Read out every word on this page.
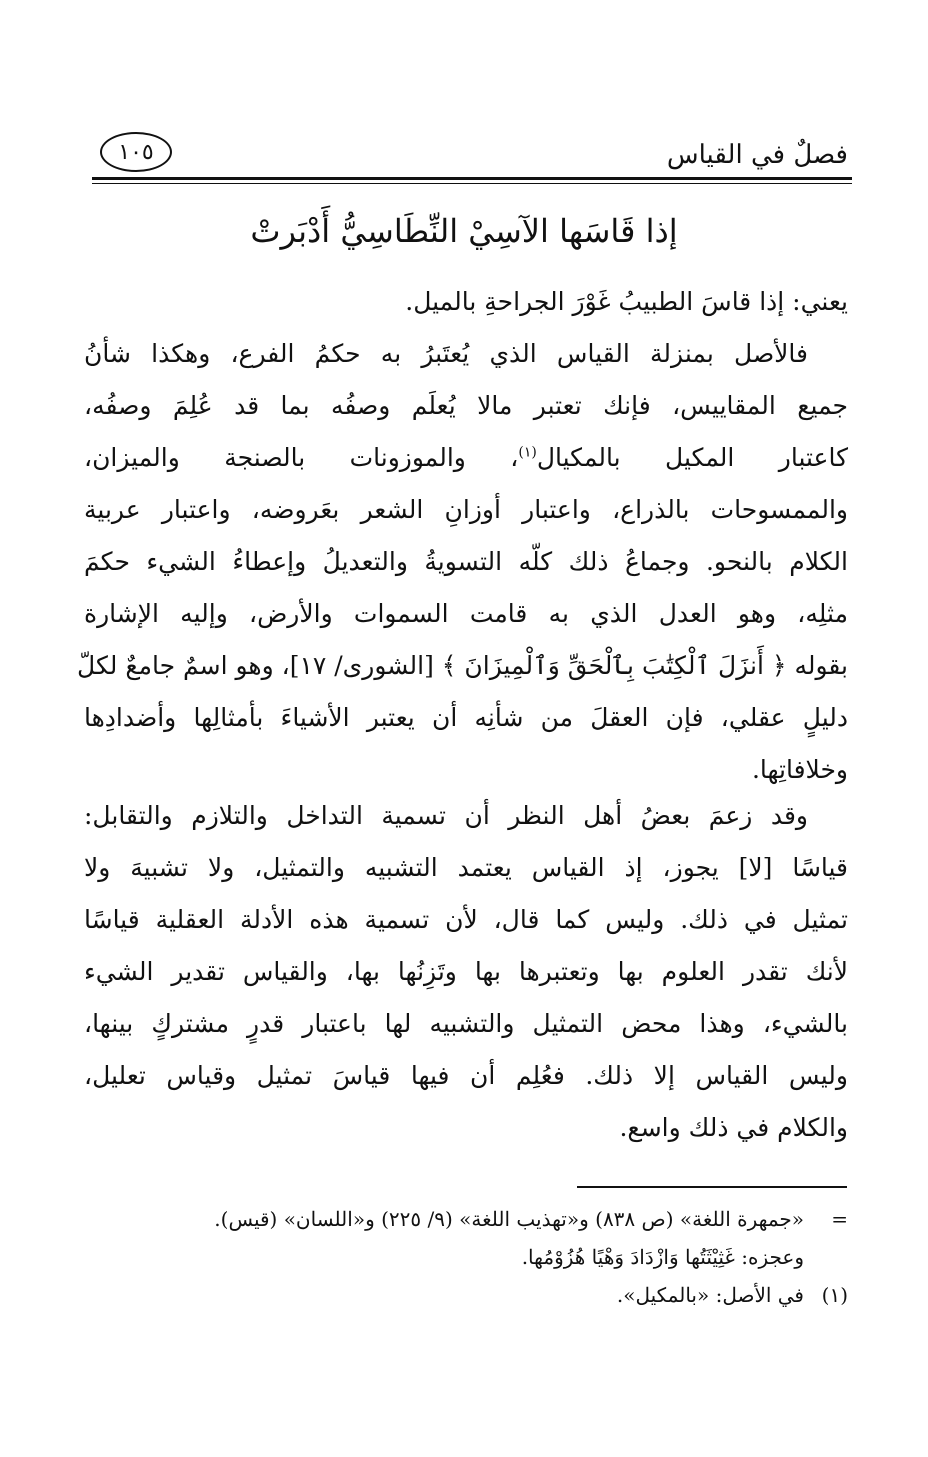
فصلٌ في القياس
١٠٥
إذا قَاسَها الآسِيْ النِّطَاسِيُّ أَدْبَرتْ
يعني: إذا قاسَ الطبيبُ غَوْرَ الجراحةِ بالميل.
فالأصل بمنزلة القياس الذي يُعتَبرُ به حكمُ الفرع، وهكذا شأنُ
جميع المقاييس، فإنك تعتبر مالا يُعلَم وصفُه بما قد عُلِمَ وصفُه،
كاعتبار المكيل بالمكيال$^{(١)}$، والموزونات بالصنجة والميزان،
والممسوحات بالذراع، واعتبار أوزانِ الشعر بعَروضه، واعتبار عربية
الكلام بالنحو. وجماعُ ذلك كلّه التسويةُ والتعديلُ وإعطاءُ الشيء حكمَ
مثلِه، وهو العدل الذي به قامت السموات والأرض، وإليه الإشارة
بقوله ﴿ أَنزَلَ ٱلْكِتَٰبَ بِٱلْحَقِّ وَٱلْمِيزَانَ ﴾ [الشورى/ ١٧]، وهو اسمٌ جامعٌ لكلّ
دليلٍ عقلي، فإن العقلَ من شأنِه أن يعتبر الأشياءَ بأمثالِها وأضدادِها
وخلافاتِها.
وقد زعمَ بعضُ أهل النظر أن تسمية التداخل والتلازم والتقابل:
قياسًا [لا] يجوز، إذ القياس يعتمد التشبيه والتمثيل، ولا تشبيهَ ولا
تمثيل في ذلك. وليس كما قال، لأن تسمية هذه الأدلة العقلية قياسًا
لأنك تقدر العلوم بها وتعتبرها بها وتَزِنُها بها، والقياس تقدير الشيء
بالشيء، وهذا محض التمثيل والتشبيه لها باعتبار قدرٍ مشتركٍ بينها،
وليس القياس إلا ذلك. فعُلِم أن فيها قياسَ تمثيل وقياس تعليل،
والكلام في ذلك واسع.
=«جمهرة اللغة» (ص ٨٣٨) و«تهذيب اللغة» (٩/ ٢٢٥) و«اللسان» (قيس).
وعجزه: غَثِيْثَتُها وَازْدَادَ وَهْيًا هُزُوْمُها.
(١)في الأصل: «بالمكيل».
